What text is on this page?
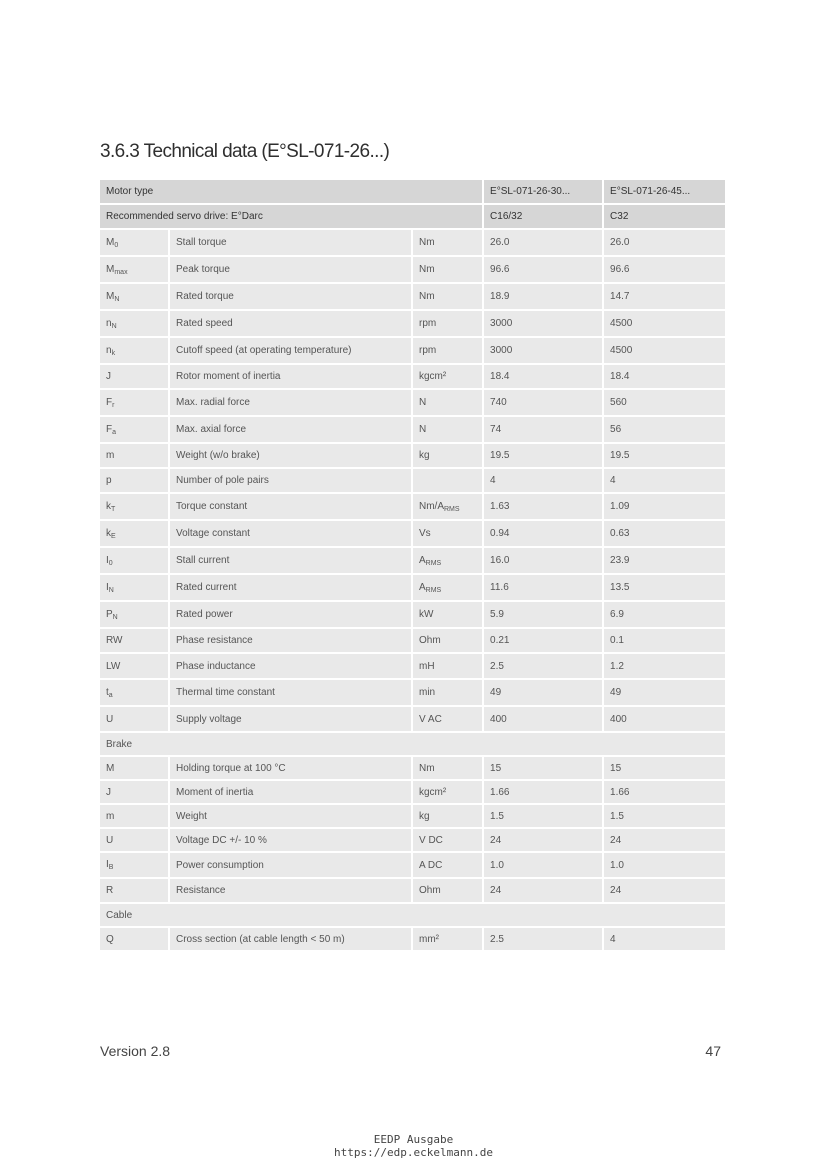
3.6.3 Technical data (E°SL-071-26...)
Motor type			E°SL-071-26-30...	E°SL-071-26-45...
Recommended servo drive: E°Darc			C16/32	C32
$M_0$	Stall torque	Nm	26.0	26.0
$M_{max}$	Peak torque	Nm	96.6	96.6
$M_N$	Rated torque	Nm	18.9	14.7
$n_N$	Rated speed	rpm	3000	4500
$n_k$	Cutoff speed (at operating temperature)	rpm	3000	4500
J	Rotor moment of inertia	kgcm²	18.4	18.4
$F_r$	Max. radial force	N	740	560
$F_a$	Max. axial force	N	74	56
m	Weight (w/o brake)	kg	19.5	19.5
p	Number of pole pairs		4	4
$k_T$	Torque constant	$Nm/A_{RMS}$	1.63	1.09
$k_E$	Voltage constant	Vs	0.94	0.63
$I_0$	Stall current	$A_{RMS}$	16.0	23.9
$I_N$	Rated current	$A_{RMS}$	11.6	13.5
$P_N$	Rated power	kW	5.9	6.9
RW	Phase resistance	Ohm	0.21	0.1
LW	Phase inductance	mH	2.5	1.2
$t_a$	Thermal time constant	min	49	49
U	Supply voltage	V AC	400	400
Brake				
M	Holding torque at 100 °C	Nm	15	15
J	Moment of inertia	kgcm²	1.66	1.66
m	Weight	kg	1.5	1.5
U	Voltage DC +/- 10 %	V DC	24	24
$I_B$	Power consumption	A DC	1.0	1.0
R	Resistance	Ohm	24	24
Cable				
Q	Cross section (at cable length < 50 m)	mm²	2.5	4
Version 2.8	47
EEDP Ausgabe
https://edp.eckelmann.de
